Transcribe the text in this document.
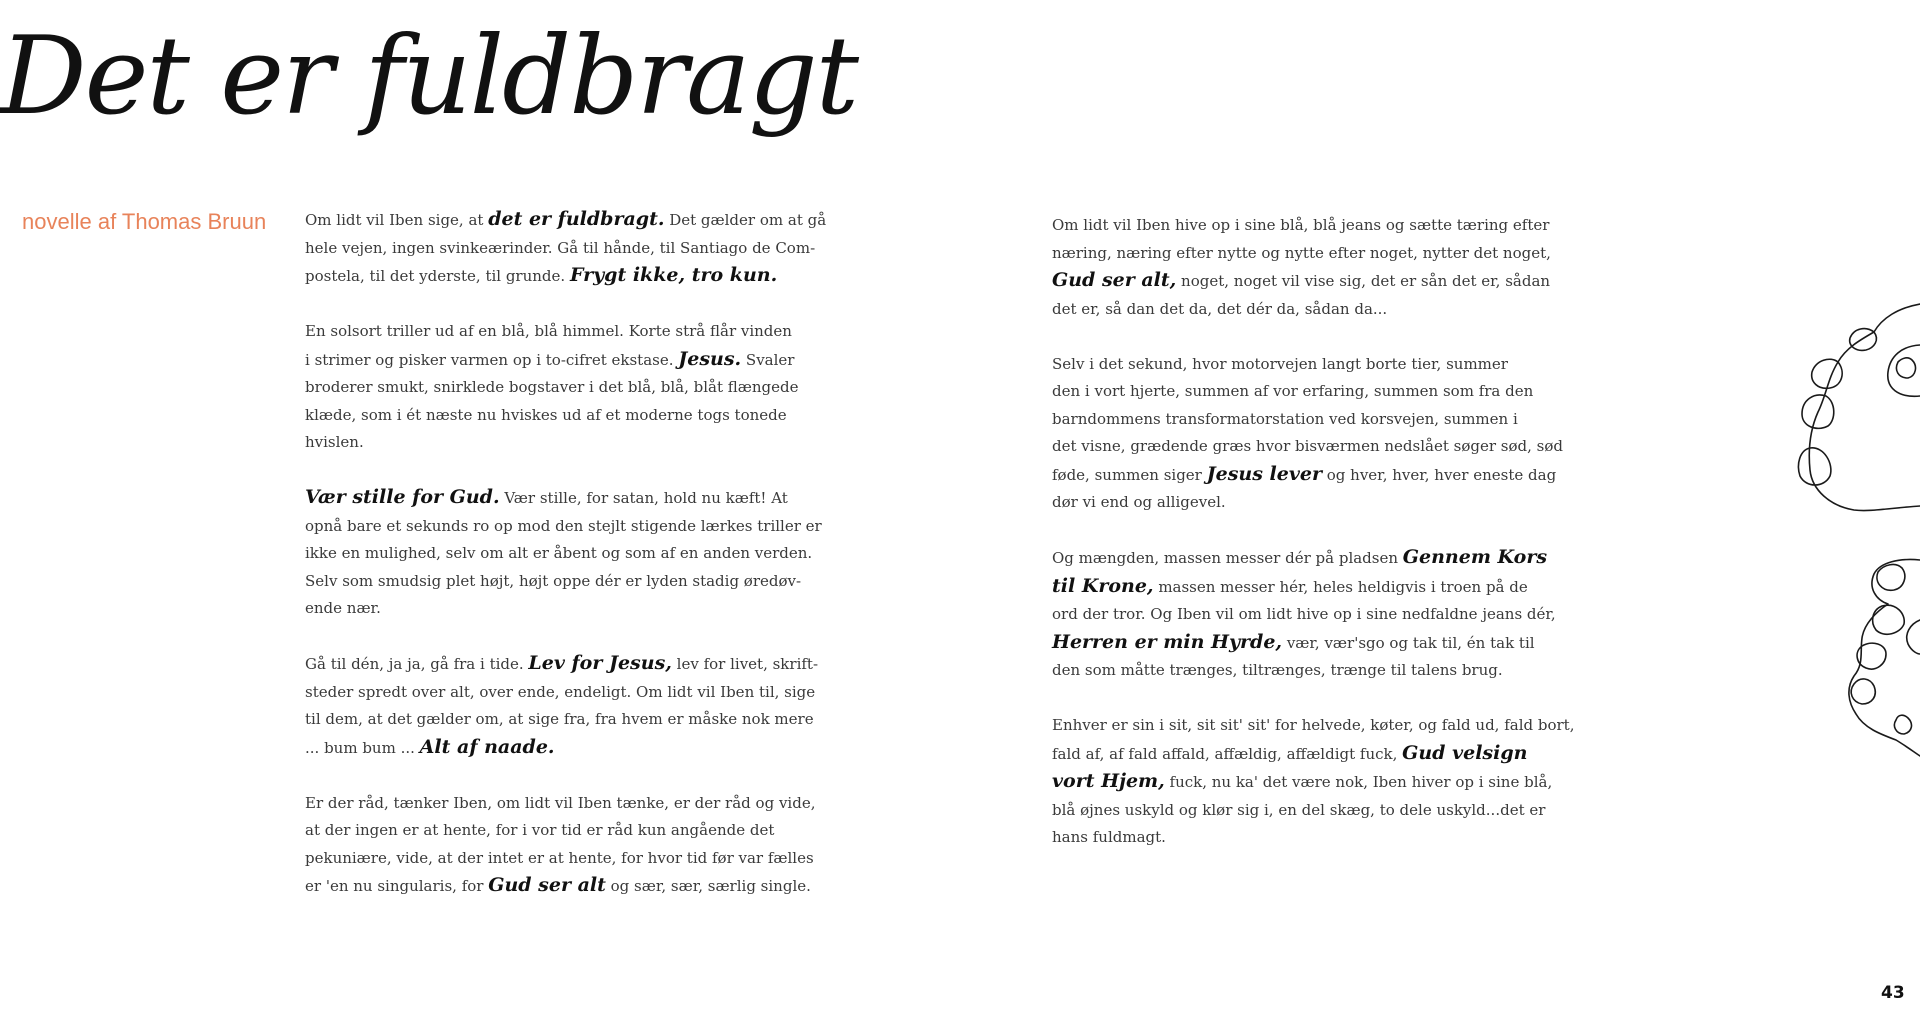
Det er fuldbragt
novelle af Thomas Bruun	Om lidt vil Iben sige, at det er fuldbragt. Det gælder om at gå
hele vejen, ingen svinkeærinder. Gå til hånde, til Santiago de Com-
postela, til det yderste, til grunde. Frygt ikke, tro kun.

En solsort triller ud af en blå, blå himmel. Korte strå flår vinden
i strimer og pisker varmen op i to-cifret ekstase. Jesus. Svaler
broderer smukt, snirklede bogstaver i det blå, blå, blåt flængede
klæde, som i ét næste nu hviskes ud af et moderne togs tonede
hvislen.

Vær stille for Gud. Vær stille, for satan, hold nu kæft! At
opnå bare et sekunds ro op mod den stejlt stigende lærkes triller er
ikke en mulighed, selv om alt er åbent og som af en anden verden.
Selv som smudsig plet højt, højt oppe dér er lyden stadig øredøv-
ende nær.

Gå til dén, ja ja, gå fra i tide. Lev for Jesus, lev for livet, skrift-
steder spredt over alt, over ende, endeligt. Om lidt vil Iben til, sige
til dem, at det gælder om, at sige fra, fra hvem er måske nok mere
... bum bum ... Alt af naade.

Er der råd, tænker Iben, om lidt vil Iben tænke, er der råd og vide,
at der ingen er at hente, for i vor tid er råd kun angående det
pekuniære, vide, at der intet er at hente, for hvor tid før var fælles
er 'en nu singularis, for Gud ser alt og sær, sær, særlig single.

Om lidt vil Iben hive op i sine blå, blå jeans og sætte tæring efter
næring, næring efter nytte og nytte efter noget, nytter det noget,
Gud ser alt, noget, noget vil vise sig, det er sån det er, sådan
det er, så dan det da, det dér da, sådan da...

Selv i det sekund, hvor motorvejen langt borte tier, summer
den i vort hjerte, summen af vor erfaring, summen som fra den
barndommens transformatorstation ved korsvejen, summen i
det visne, grædende græs hvor bisværmen nedslået søger sød, sød
føde, summen siger Jesus lever og hver, hver, hver eneste dag
dør vi end og alligevel.

Og mængden, massen messer dér på pladsen Gennem Kors
til Krone, massen messer hér, heles heldigvis i troen på de
ord der tror. Og Iben vil om lidt hive op i sine nedfaldne jeans dér,
Herren er min Hyrde, vær, vær'sgo og tak til, én tak til
den som måtte trænges, tiltrænges, trænge til talens brug.

Enhver er sin i sit, sit sit' sit' for helvede, køter, og fald ud, fald bort,
fald af, af fald affald, affældig, affældigt fuck, Gud velsign
vort Hjem, fuck, nu ka' det være nok, Iben hiver op i sine blå,
blå øjnes uskyld og klør sig i, en del skæg, to dele uskyld...det er
hans fuldmagt.

43
